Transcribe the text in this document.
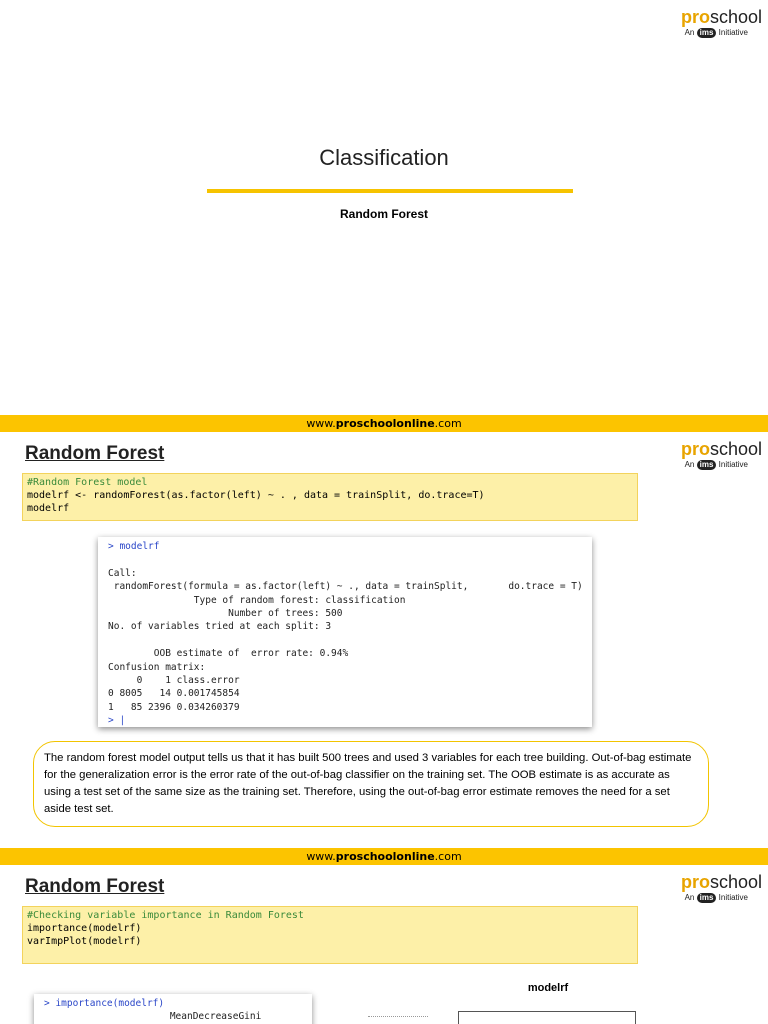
proschool
An ims Initiative
Classification
Random Forest
www.proschoolonline.com
proschool
An ims Initiative
Random Forest
#Random Forest model
modelrf <- randomForest(as.factor(left) ~ . , data = trainSplit, do.trace=T)
modelrf
> modelrf
Call:
randomForest(formula = as.factor(left) ~ ., data = trainSplit,       do.trace = T)
Type of random forest: classification
Number of trees: 500
No. of variables tried at each split: 3
OOB estimate of  error rate: 0.94%
Confusion matrix:
0    1 class.error
0 8005   14 0.001745854
1   85 2396 0.034260379
> |
The random forest model output tells us that it has built 500 trees and used 3 variables for each tree building. Out-of-bag estimate for the generalization error is the error rate of the out-of-bag classifier on the training set. The OOB estimate is as accurate as using a test set of the same size as the training set. Therefore, using the out-of-bag error estimate removes the need for a set aside test set.
www.proschoolonline.com
proschool
An ims Initiative
Random Forest
#Checking variable importance in Random Forest
importance(modelrf)
varImpPlot(modelrf)
> importance(modelrf)
MeanDecreaseGini
modelrf
